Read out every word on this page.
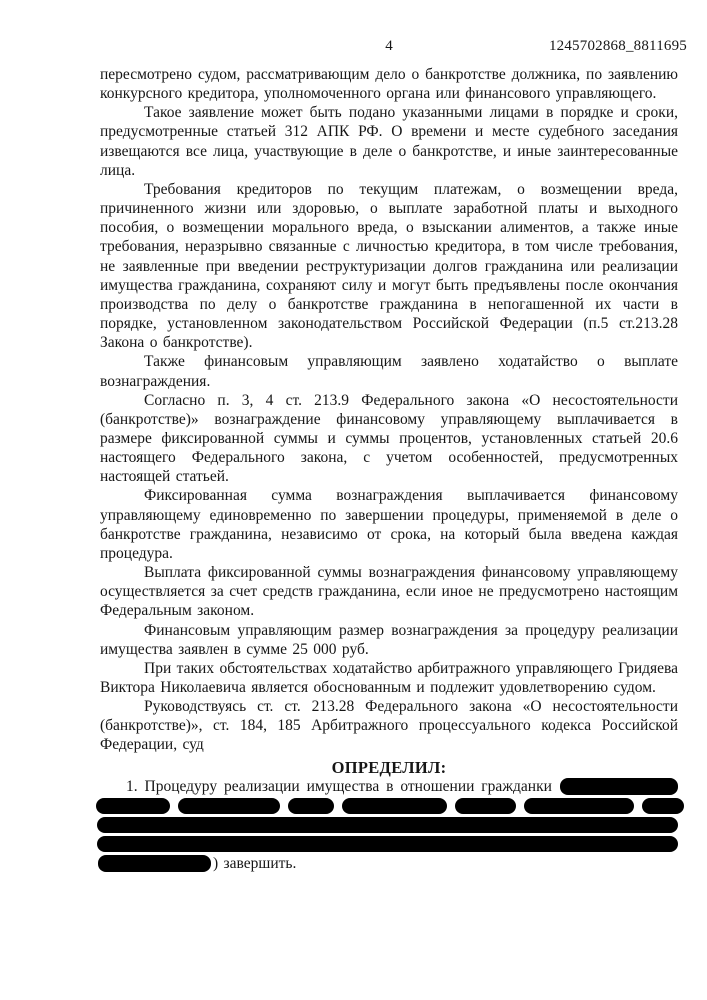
4	1245702868_8811695

пересмотрено судом, рассматривающим дело о банкротстве должника, по заявлению конкурсного кредитора, уполномоченного органа или финансового управляющего.

Такое заявление может быть подано указанными лицами в порядке и сроки, предусмотренные статьей 312 АПК РФ. О времени и месте судебного заседания извещаются все лица, участвующие в деле о банкротстве, и иные заинтересованные лица.

Требования кредиторов по текущим платежам, о возмещении вреда, причиненного жизни или здоровью, о выплате заработной платы и выходного пособия, о возмещении морального вреда, о взыскании алиментов, а также иные требования, неразрывно связанные с личностью кредитора, в том числе требования, не заявленные при введении реструктуризации долгов гражданина или реализации имущества гражданина, сохраняют силу и могут быть предъявлены после окончания производства по делу о банкротстве гражданина в непогашенной их части в порядке, установленном законодательством Российской Федерации (п.5 ст.213.28 Закона о банкротстве).

Также финансовым управляющим заявлено ходатайство о выплате вознаграждения.

Согласно п. 3, 4 ст. 213.9 Федерального закона «О несостоятельности (банкротстве)» вознаграждение финансовому управляющему выплачивается в размере фиксированной суммы и суммы процентов, установленных статьей 20.6 настоящего Федерального закона, с учетом особенностей, предусмотренных настоящей статьей.

Фиксированная сумма вознаграждения выплачивается финансовому управляющему единовременно по завершении процедуры, применяемой в деле о банкротстве гражданина, независимо от срока, на который была введена каждая процедура.

Выплата фиксированной суммы вознаграждения финансовому управляющему осуществляется за счет средств гражданина, если иное не предусмотрено настоящим Федеральным законом.

Финансовым управляющим размер вознаграждения за процедуру реализации имущества заявлен в сумме 25 000 руб.

При таких обстоятельствах ходатайство арбитражного управляющего Гридяева Виктора Николаевича является обоснованным и подлежит удовлетворению судом.

Руководствуясь ст. ст. 213.28 Федерального закона «О несостоятельности (банкротстве)», ст. 184, 185 Арбитражного процессуального кодекса Российской Федерации, суд

ОПРЕДЕЛИЛ:

1. Процедуру реализации имущества в отношении гражданки
) завершить.
